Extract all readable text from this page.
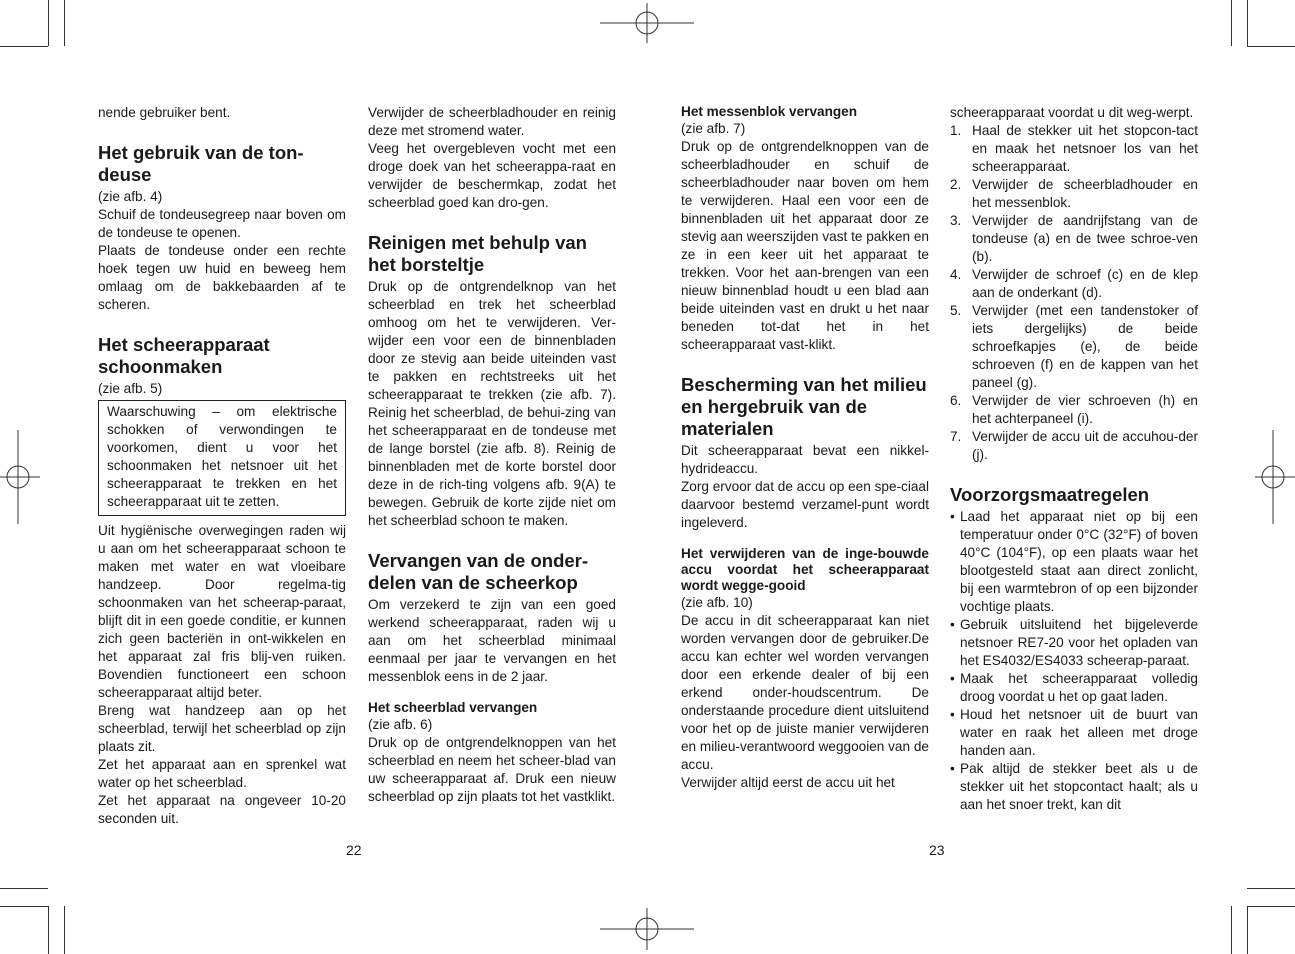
nende gebruiker bent.

Het gebruik van de ton-deuse

(zie afb. 4)

Schuif de tondeusegreep naar boven om de tondeuse te openen.

Plaats de tondeuse onder een rechte hoek tegen uw huid en beweeg hem omlaag om de bakkebaarden af te scheren.

Het scheerapparaat schoonmaken

(zie afb. 5)

Waarschuwing – om elektrische schokken of verwondingen te voorkomen, dient u voor het schoonmaken het netsnoer uit het scheerapparaat te trekken en het scheerapparaat uit te zetten.

Uit hygiënische overwegingen raden wij u aan om het scheerapparaat schoon te maken met water en wat vloeibare handzeep. Door regelma-tig schoonmaken van het scheerap-paraat, blijft dit in een goede conditie, er kunnen zich geen bacteriën in ont-wikkelen en het apparaat zal fris blij-ven ruiken. Bovendien functioneert een schoon scheerapparaat altijd beter.

Breng wat handzeep aan op het scheerblad, terwijl het scheerblad op zijn plaats zit.

Zet het apparaat aan en sprenkel wat water op het scheerblad.

Zet het apparaat na ongeveer 10-20 seconden uit.

Verwijder de scheerbladhouder en reinig deze met stromend water.

Veeg het overgebleven vocht met een droge doek van het scheerappa-raat en verwijder de beschermkap, zodat het scheerblad goed kan dro-gen.

Reinigen met behulp van het borsteltje

Druk op de ontgrendelknop van het scheerblad en trek het scheerblad omhoog om het te verwijderen. Ver-wijder een voor een de binnenbladen door ze stevig aan beide uiteinden vast te pakken en rechtstreeks uit het scheerapparaat te trekken (zie afb. 7). Reinig het scheerblad, de behui-zing van het scheerapparaat en de tondeuse met de lange borstel (zie afb. 8). Reinig de binnenbladen met de korte borstel door deze in de rich-ting volgens afb. 9(A) te bewegen. Gebruik de korte zijde niet om het scheerblad schoon te maken.

Vervangen van de onder-delen van de scheerkop

Om verzekerd te zijn van een goed werkend scheerapparaat, raden wij u aan om het scheerblad minimaal eenmaal per jaar te vervangen en het messenblok eens in de 2 jaar.

Het scheerblad vervangen

(zie afb. 6)

Druk op de ontgrendelknoppen van het scheerblad en neem het scheer-blad van uw scheerapparaat af. Druk een nieuw scheerblad op zijn plaats tot het vastklikt.

Het messenblok vervangen

(zie afb. 7)

Druk op de ontgrendelknoppen van de scheerbladhouder en schuif de scheerbladhouder naar boven om hem te verwijderen. Haal een voor een de binnenbladen uit het apparaat door ze stevig aan weerszijden vast te pakken en ze in een keer uit het apparaat te trekken. Voor het aan-brengen van een nieuw binnenblad houdt u een blad aan beide uiteinden vast en drukt u het naar beneden tot-dat het in het scheerapparaat vast-klikt.

Bescherming van het milieu en hergebruik van de materialen

Dit scheerapparaat bevat een nikkel-hydrideaccu.

Zorg ervoor dat de accu op een spe-ciaal daarvoor bestemd verzamel-punt wordt ingeleverd.

Het verwijderen van de inge-bouwde accu voordat het scheerapparaat wordt wegge-gooid

(zie afb. 10)

De accu in dit scheerapparaat kan niet worden vervangen door de gebruiker.De accu kan echter wel worden vervangen door een erkende dealer of bij een erkend onder-houdscentrum. De onderstaande procedure dient uitsluitend voor het op de juiste manier verwijderen en milieu-verantwoord weggooien van de accu.

Verwijder altijd eerst de accu uit het

scheerapparaat voordat u dit weg-werpt.

1. Haal de stekker uit het stopcon-tact en maak het netsnoer los van het scheerapparaat.
2. Verwijder de scheerbladhouder en het messenblok.
3. Verwijder de aandrijfstang van de tondeuse (a) en de twee schroe-ven (b).
4. Verwijder de schroef (c) en de klep aan de onderkant (d).
5. Verwijder (met een tandenstoker of iets dergelijks) de beide schroefkapjes (e), de beide schroeven (f) en de kappen van het paneel (g).
6. Verwijder de vier schroeven (h) en het achterpaneel (i).
7. Verwijder de accu uit de accuhou-der (j).
Voorzorgsmaatregelen
• Laad het apparaat niet op bij een temperatuur onder 0°C (32°F) of boven 40°C (104°F), op een plaats waar het blootgesteld staat aan direct zonlicht, bij een warmtebron of op een bijzonder vochtige plaats.
• Gebruik uitsluitend het bijgeleverde netsnoer RE7-20 voor het opladen van het ES4032/ES4033 scheerap-paraat.
• Maak het scheerapparaat volledig droog voordat u het op gaat laden.
• Houd het netsnoer uit de buurt van water en raak het alleen met droge handen aan.
• Pak altijd de stekker beet als u de stekker uit het stopcontact haalt; als u aan het snoer trekt, kan dit
22	23
